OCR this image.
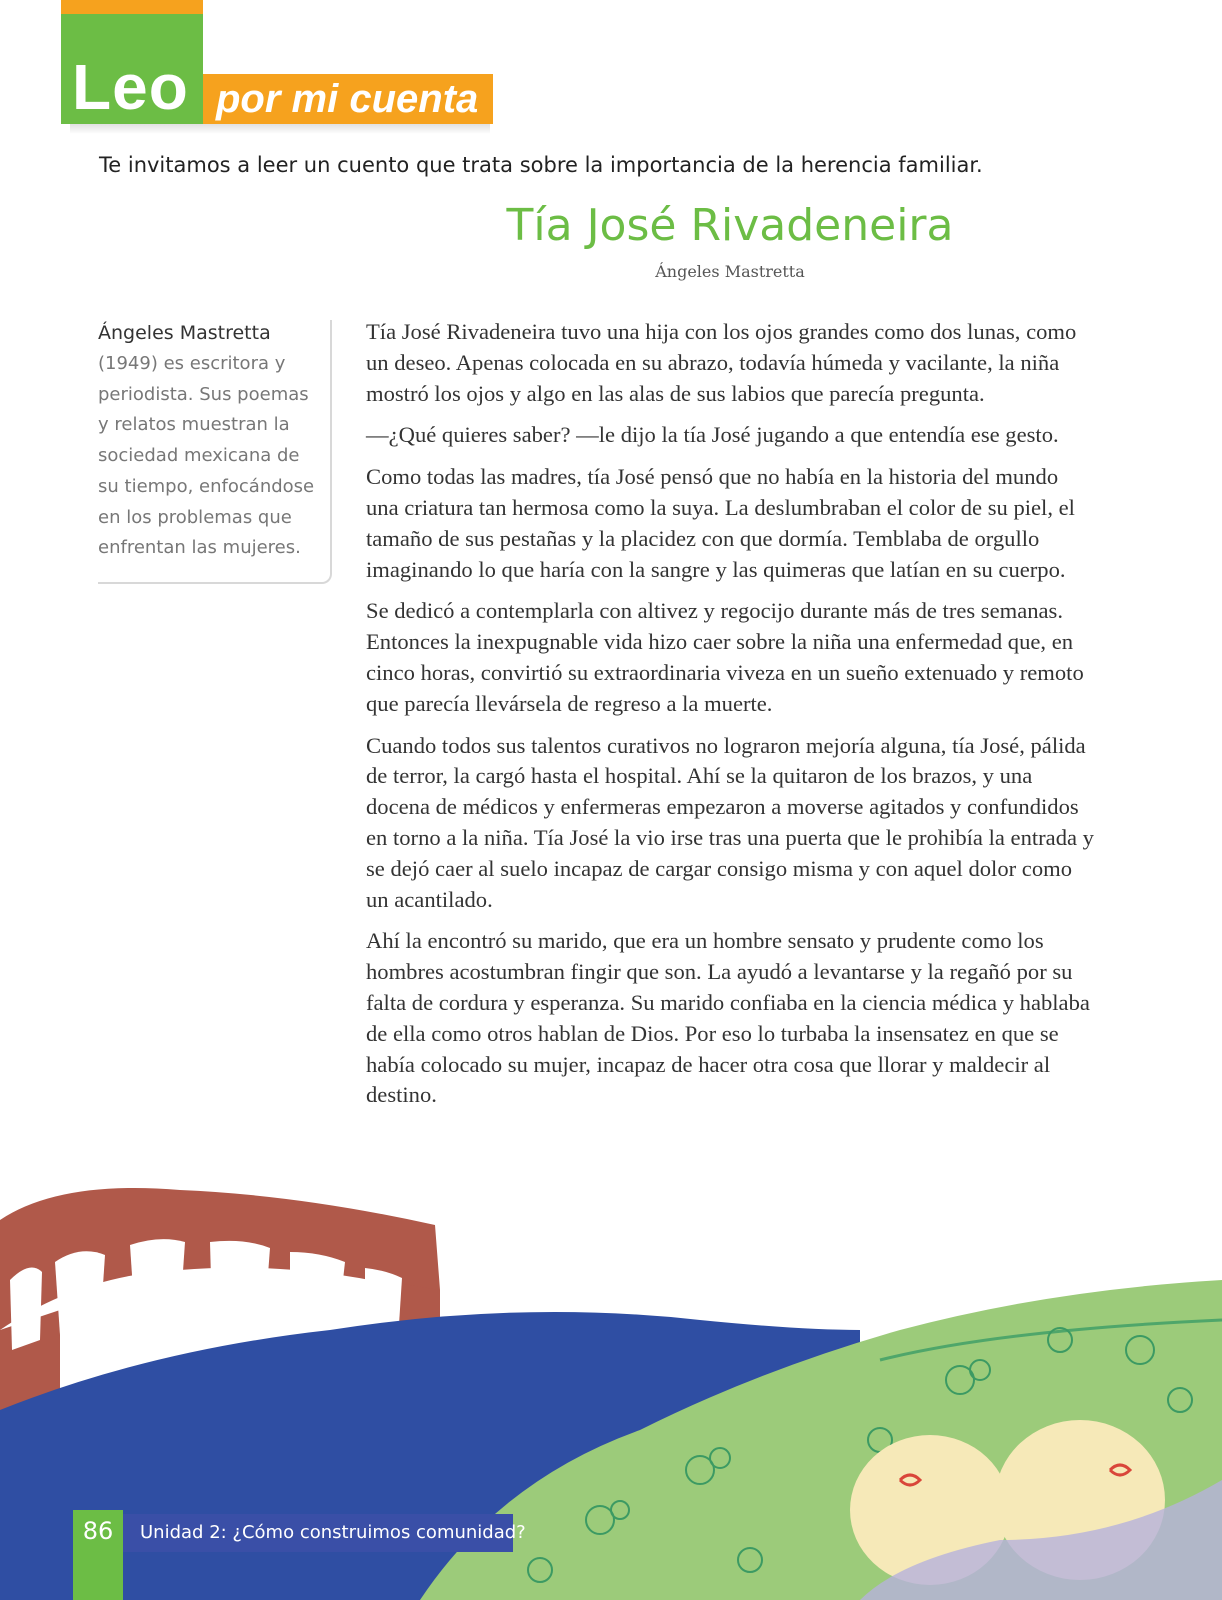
Leo por mi cuenta
Te invitamos a leer un cuento que trata sobre la importancia de la herencia familiar.
Tía José Rivadeneira
Ángeles Mastretta
Ángeles Mastretta
(1949) es escritora y periodista. Sus poemas y relatos muestran la sociedad mexicana de su tiempo, enfocándose en los problemas que enfrentan las mujeres.

Tía José Rivadeneira tuvo una hija con los ojos grandes como dos lunas, como un deseo. Apenas colocada en su abrazo, todavía húmeda y vacilante, la niña mostró los ojos y algo en las alas de sus labios que parecía pregunta.

—¿Qué quieres saber? —le dijo la tía José jugando a que entendía ese gesto.

Como todas las madres, tía José pensó que no había en la historia del mundo una criatura tan hermosa como la suya. La deslumbraban el color de su piel, el tamaño de sus pestañas y la placidez con que dormía. Temblaba de orgullo imaginando lo que haría con la sangre y las quimeras que latían en su cuerpo.

Se dedicó a contemplarla con altivez y regocijo durante más de tres semanas. Entonces la inexpugnable vida hizo caer sobre la niña una enfermedad que, en cinco horas, convirtió su extraordinaria viveza en un sueño extenuado y remoto que parecía llevársela de regreso a la muerte.

Cuando todos sus talentos curativos no lograron mejoría alguna, tía José, pálida de terror, la cargó hasta el hospital. Ahí se la quitaron de los brazos, y una docena de médicos y enfermeras empezaron a moverse agitados y confundidos en torno a la niña. Tía José la vio irse tras una puerta que le prohibía la entrada y se dejó caer al suelo incapaz de cargar consigo misma y con aquel dolor como un acantilado.

Ahí la encontró su marido, que era un hombre sensato y prudente como los hombres acostumbran fingir que son. La ayudó a levantarse y la regañó por su falta de cordura y esperanza. Su marido confiaba en la ciencia médica y hablaba de ella como otros hablan de Dios. Por eso lo turbaba la insensatez en que se había colocado su mujer, incapaz de hacer otra cosa que llorar y maldecir al destino.

86	Unidad 2: ¿Cómo construimos comunidad?
